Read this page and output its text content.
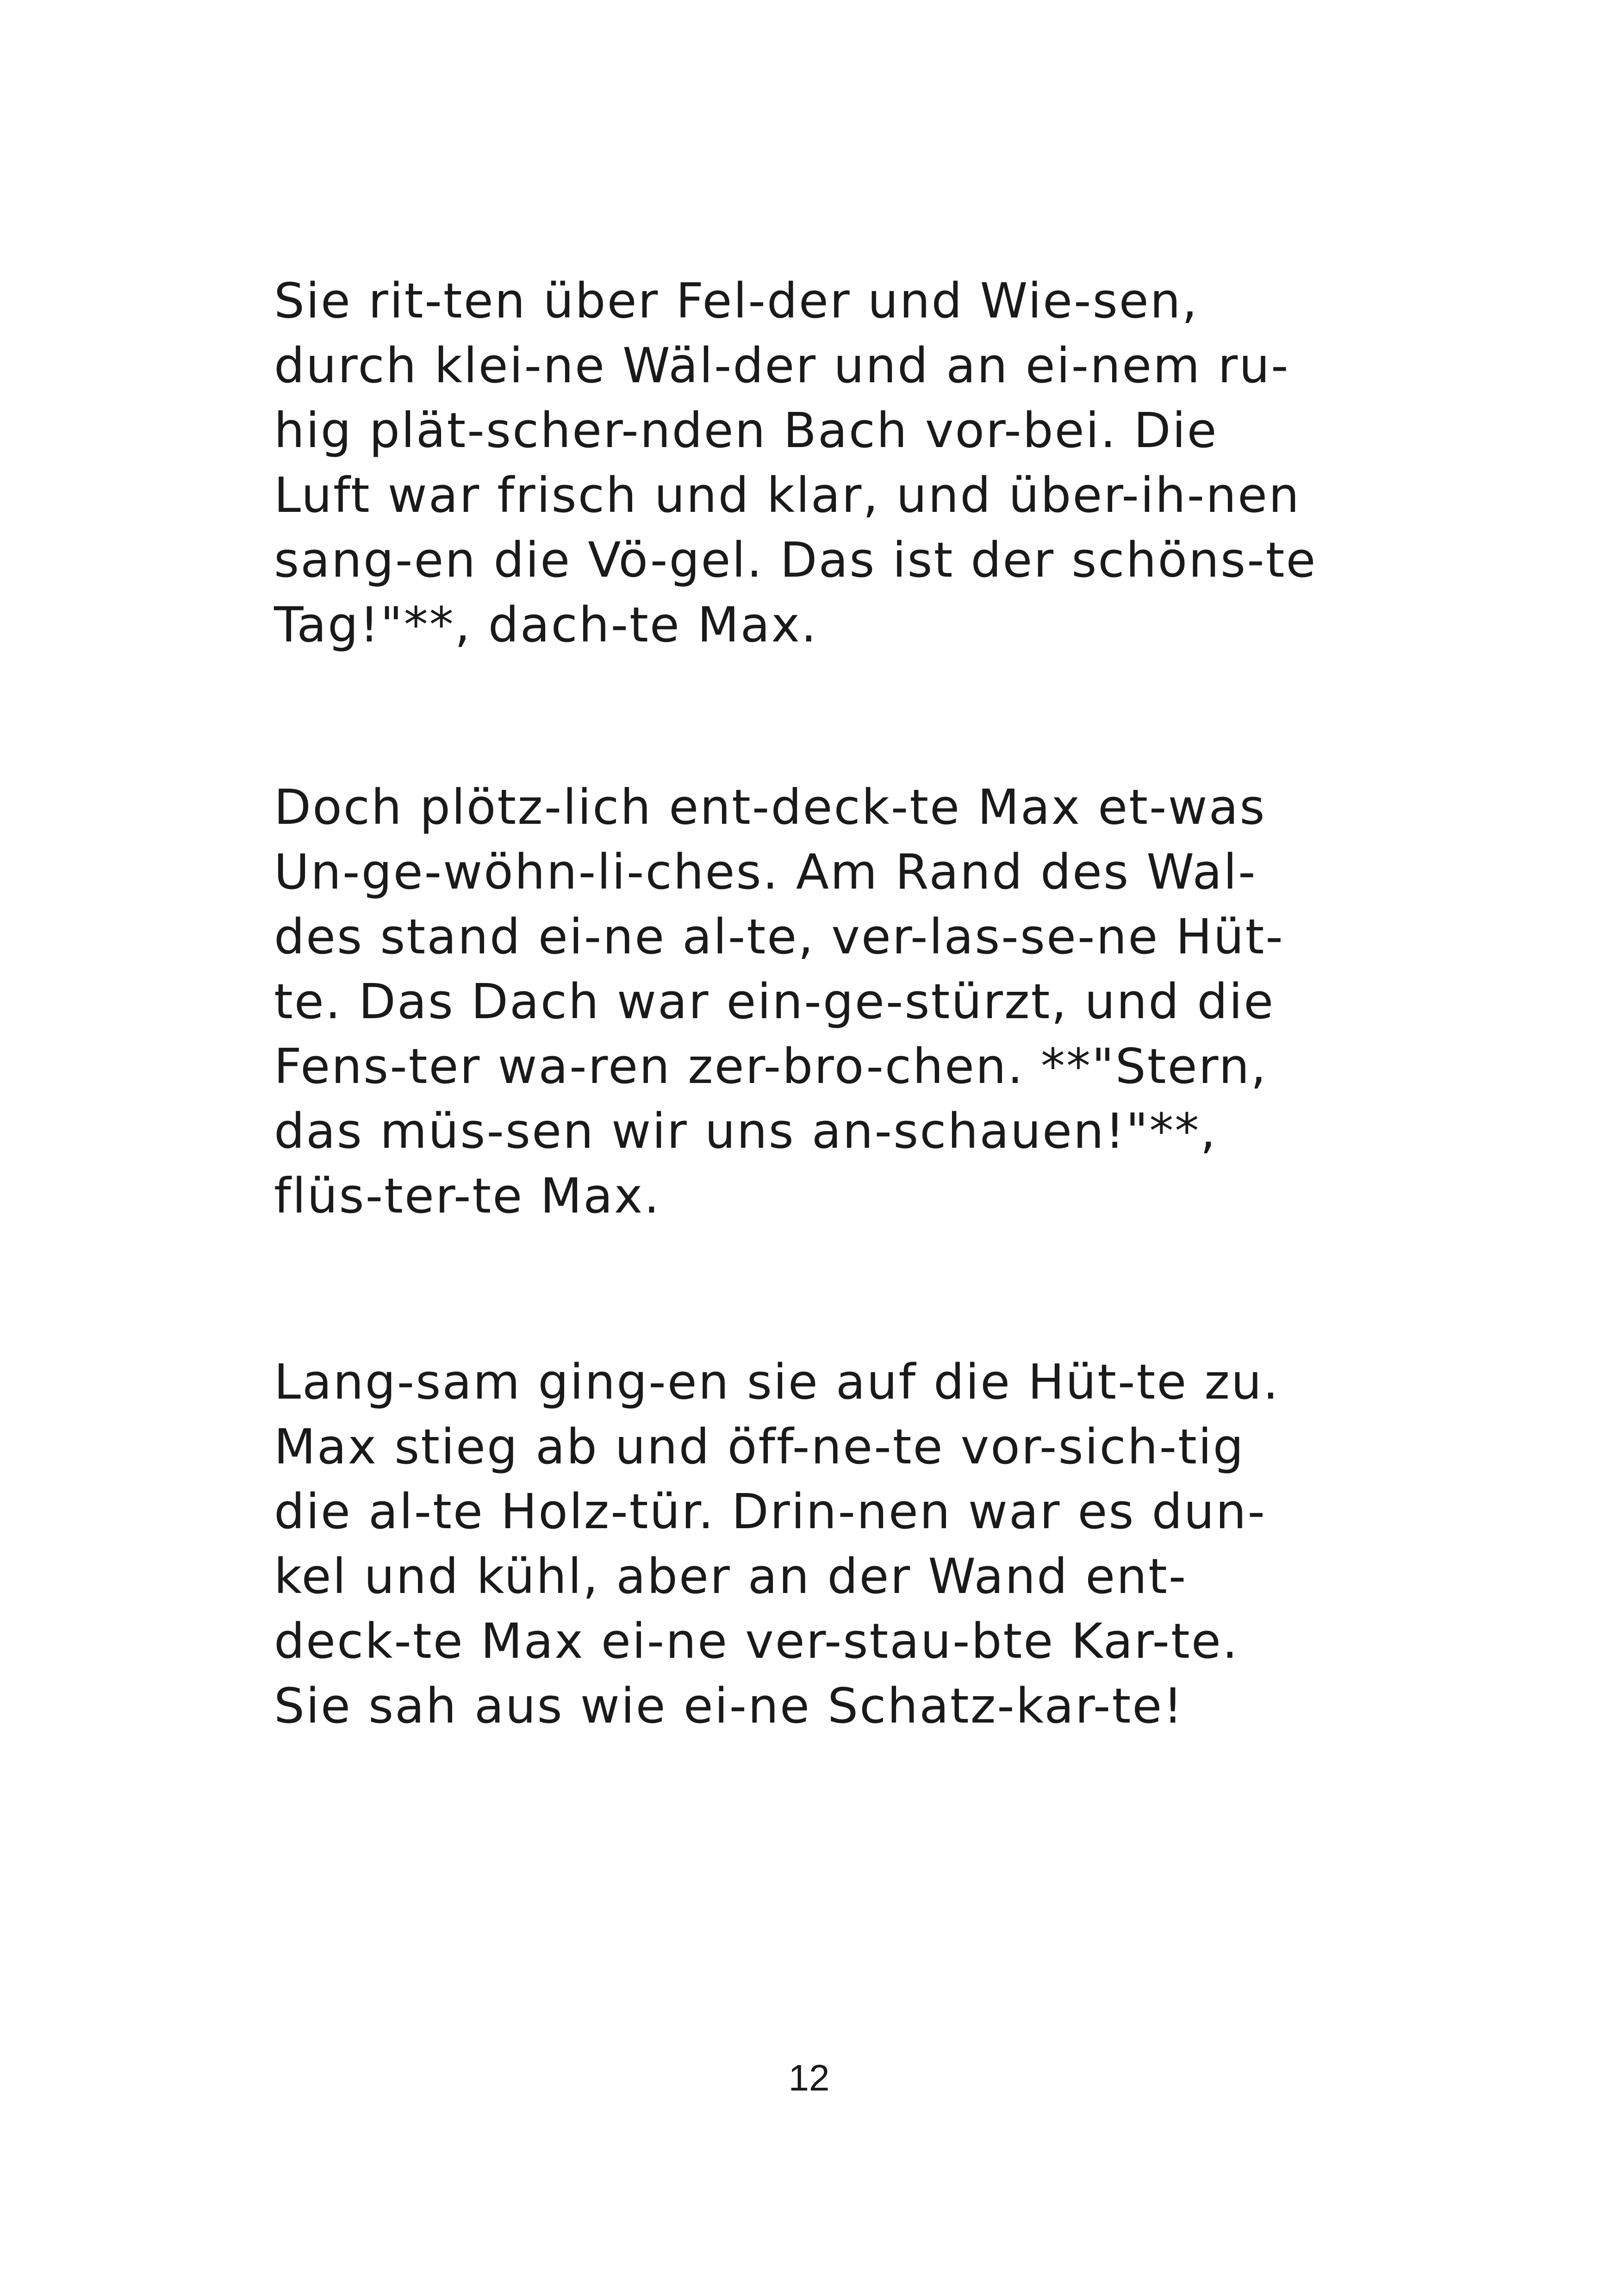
Sie rit-ten über Fel-der und Wie-sen,
durch klei-ne Wäl-der und an ei-nem ru-
hig plät-scher-nden Bach vor-bei. Die
Luft war frisch und klar, und über-ih-nen
sang-en die Vö-gel. Das ist der schöns-te
Tag!"**, dach-te Max.
Doch plötz-lich ent-deck-te Max et-was
Un-ge-wöhn-li-ches. Am Rand des Wal-
des stand ei-ne al-te, ver-las-se-ne Hüt-
te. Das Dach war ein-ge-stürzt, und die
Fens-ter wa-ren zer-bro-chen. **"Stern,
das müs-sen wir uns an-schauen!"**,
flüs-ter-te Max.
Lang-sam ging-en sie auf die Hüt-te zu.
Max stieg ab und öff-ne-te vor-sich-tig
die al-te Holz-tür. Drin-nen war es dun-
kel und kühl, aber an der Wand ent-
deck-te Max ei-ne ver-stau-bte Kar-te.
Sie sah aus wie ei-ne Schatz-kar-te!
12
